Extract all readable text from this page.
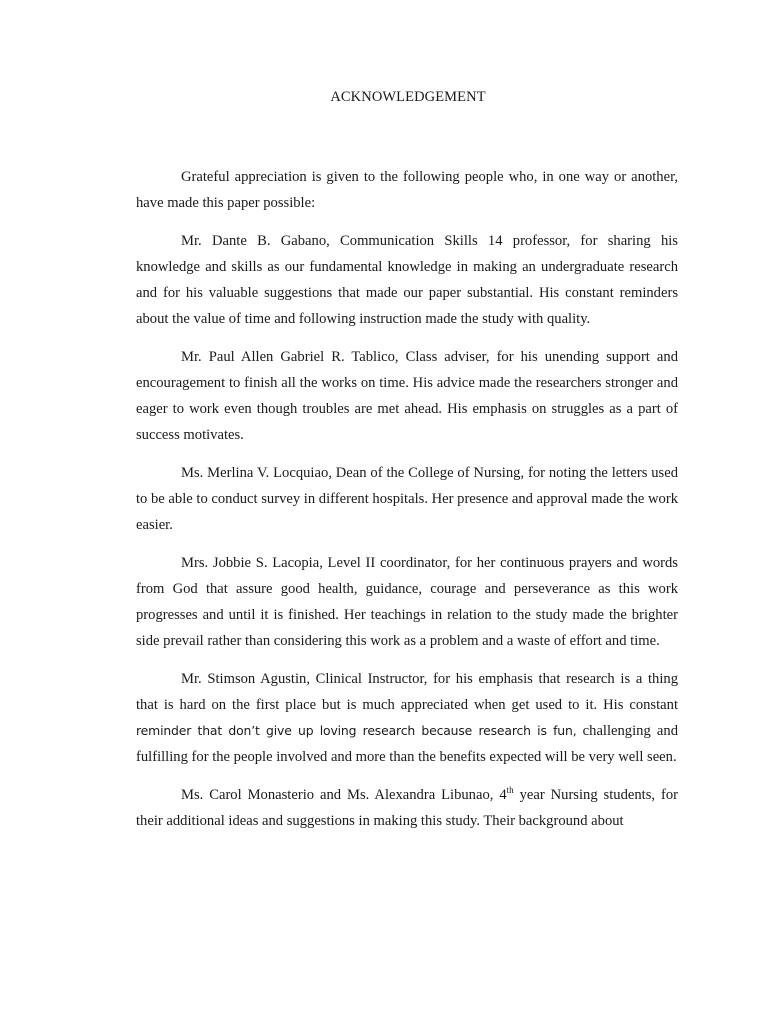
ACKNOWLEDGEMENT

Grateful appreciation is given to the following people who, in one way or another, have made this paper possible:

Mr. Dante B. Gabano, Communication Skills 14 professor, for sharing his knowledge and skills as our fundamental knowledge in making an undergraduate research and for his valuable suggestions that made our paper substantial. His constant reminders about the value of time and following instruction made the study with quality.

Mr. Paul Allen Gabriel R. Tablico, Class adviser, for his unending support and encouragement to finish all the works on time. His advice made the researchers stronger and eager to work even though troubles are met ahead. His emphasis on struggles as a part of success motivates.

Ms. Merlina V. Locquiao, Dean of the College of Nursing, for noting the letters used to be able to conduct survey in different hospitals. Her presence and approval made the work easier.

Mrs. Jobbie S. Lacopia, Level II coordinator, for her continuous prayers and words from God that assure good health, guidance, courage and perseverance as this work progresses and until it is finished. Her teachings in relation to the study made the brighter side prevail rather than considering this work as a problem and a waste of effort and time.

Mr. Stimson Agustin, Clinical Instructor, for his emphasis that research is a thing that is hard on the first place but is much appreciated when get used to it. His constant reminder that don’t give up loving research because research is fun, challenging and fulfilling for the people involved and more than the benefits expected will be very well seen.

Ms. Carol Monasterio and Ms. Alexandra Libunao, 4th year Nursing students, for their additional ideas and suggestions in making this study. Their background about
